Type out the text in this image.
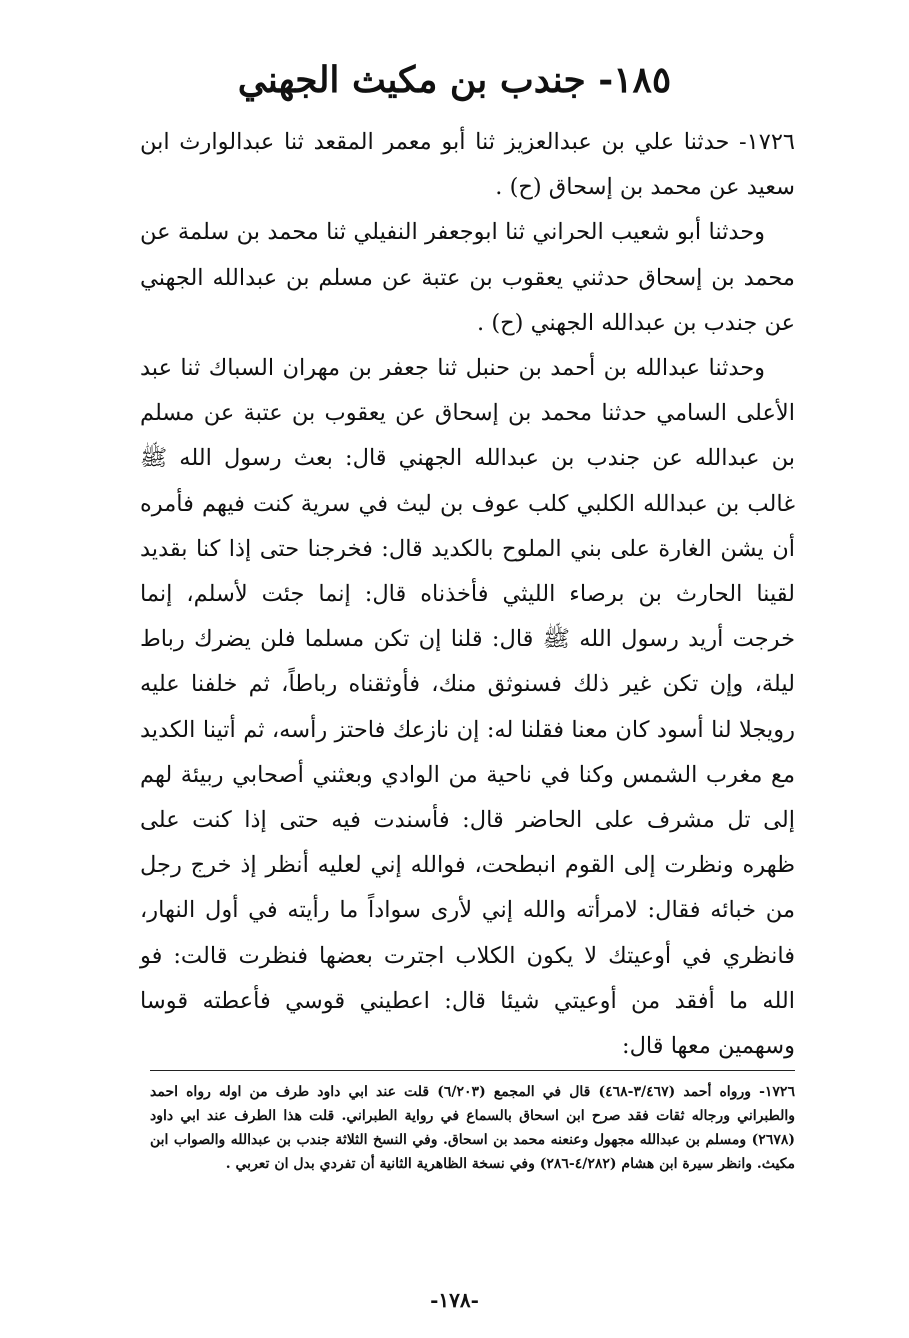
١٨٥- جندب بن مكيث الجهني

١٧٢٦- حدثنا علي بن عبدالعزيز ثنا أبو معمر المقعد ثنا عبدالوارث ابن سعيد عن محمد بن إسحاق (ح) .

وحدثنا أبو شعيب الحراني ثنا ابوجعفر النفيلي ثنا محمد بن سلمة عن محمد بن إسحاق حدثني يعقوب بن عتبة عن مسلم بن عبدالله الجهني عن جندب بن عبدالله الجهني (ح) .

وحدثنا عبدالله بن أحمد بن حنبل ثنا جعفر بن مهران السباك ثنا عبد الأعلى السامي حدثنا محمد بن إسحاق عن يعقوب بن عتبة عن مسلم بن عبدالله عن جندب بن عبدالله الجهني قال: بعث رسول الله ﷺ غالب بن عبدالله الكلبي كلب عوف بن ليث في سرية كنت فيهم فأمره أن يشن الغارة على بني الملوح بالكديد قال: فخرجنا حتى إذا كنا بقديد لقينا الحارث بن برصاء الليثي فأخذناه قال: إنما جئت لأسلم، إنما خرجت أريد رسول الله ﷺ قال: قلنا إن تكن مسلما فلن يضرك رباط ليلة، وإن تكن غير ذلك فسنوثق منك، فأوثقناه رباطاً، ثم خلفنا عليه رويجلا لنا أسود كان معنا فقلنا له: إن نازعك فاحتز رأسه، ثم أتينا الكديد مع مغرب الشمس وكنا في ناحية من الوادي وبعثني أصحابي ربيئة لهم إلى تل مشرف على الحاضر قال: فأسندت فيه حتى إذا كنت على ظهره ونظرت إلى القوم انبطحت، فوالله إني لعليه أنظر إذ خرج رجل من خبائه فقال: لامرأته والله إني لأرى سواداً ما رأيته في أول النهار، فانظري في أوعيتك لا يكون الكلاب اجترت بعضها فنظرت قالت: فو الله ما أفقد من أوعيتي شيئا قال: اعطيني قوسي فأعطته قوسا وسهمين معها قال:

١٧٢٦- ورواه أحمد (٣/٤٦٧-٤٦٨) قال في المجمع (٦/٢٠٣) قلت عند ابي داود طرف من اوله رواه احمد والطبراني ورجاله ثقات فقد صرح ابن اسحاق بالسماع في رواية الطبراني. قلت هذا الطرف عند ابي داود (٢٦٧٨) ومسلم بن عبدالله مجهول وعنعنه محمد بن اسحاق. وفي النسخ الثلاثة جندب بن عبدالله والصواب ابن مكيث. وانظر سيرة ابن هشام (٤/٢٨٢-٢٨٦) وفي نسخة الظاهرية الثانية أن تفردي بدل ان تعربي .

-١٧٨-
